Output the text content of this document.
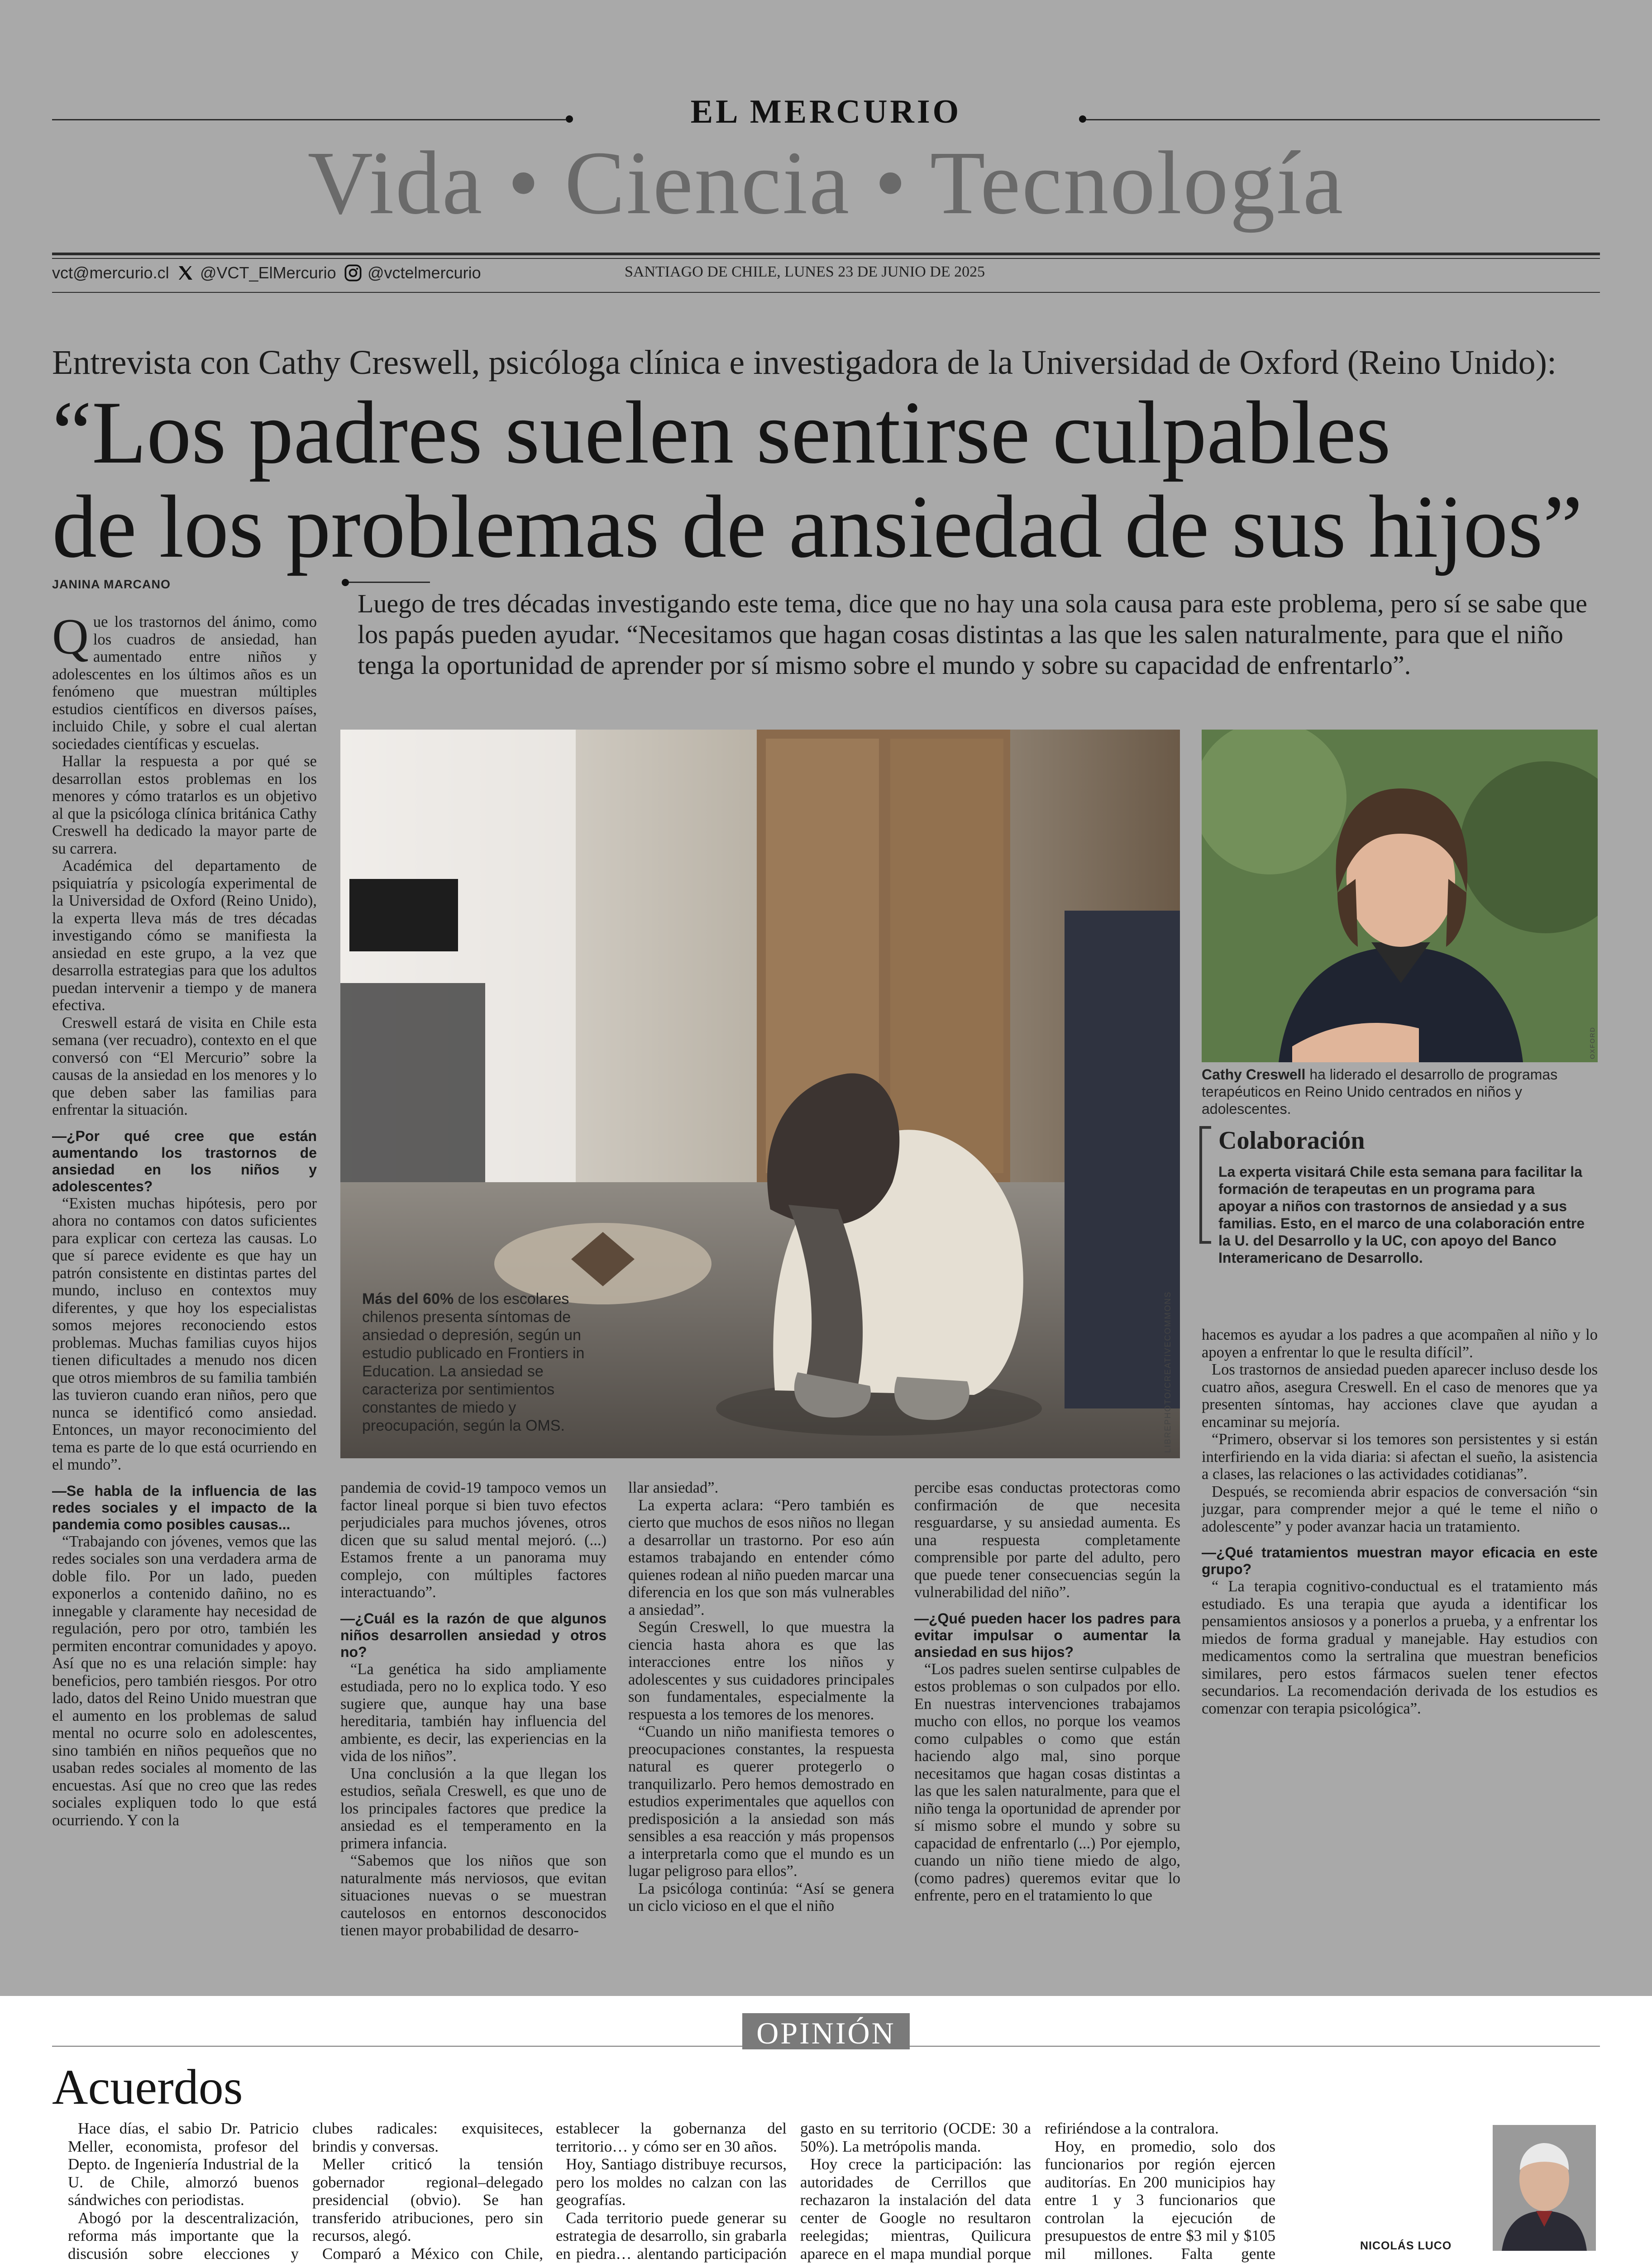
EL MERCURIO
Vida • Ciencia • Tecnología
vct@mercurio.cl @VCT_ElMercurio @vctelmercurio	SANTIAGO DE CHILE, LUNES 23 DE JUNIO DE 2025
Entrevista con Cathy Creswell, psicóloga clínica e investigadora de la Universidad de Oxford (Reino Unido):
“Los padres suelen sentirse culpables
de los problemas de ansiedad de sus hijos”
JANINA MARCANO

Luego de tres décadas investigando este tema, dice que no hay una sola causa para este problema, pero sí se sabe que los papás pueden ayudar. “Necesitamos que hagan cosas distintas a las que les salen naturalmente, para que el niño tenga la oportunidad de aprender por sí mismo sobre el mundo y sobre su capacidad de enfrentarlo”.

Que los trastornos del ánimo, como los cuadros de ansiedad, han aumentado entre niños y adolescentes en los últimos años es un fenómeno que muestran múltiples estudios científicos en diversos países, incluido Chile, y sobre el cual alertan sociedades científicas y escuelas.

Hallar la respuesta a por qué se desarrollan estos problemas en los menores y cómo tratarlos es un objetivo al que la psicóloga clínica británica Cathy Creswell ha dedicado la mayor parte de su carrera.

Académica del departamento de psiquiatría y psicología experimental de la Universidad de Oxford (Reino Unido), la experta lleva más de tres décadas investigando cómo se manifiesta la ansiedad en este grupo, a la vez que desarrolla estrategias para que los adultos puedan intervenir a tiempo y de manera efectiva.

Creswell estará de visita en Chile esta semana (ver recuadro), contexto en el que conversó con “El Mercurio” sobre la causas de la ansiedad en los menores y lo que deben saber las familias para enfrentar la situación.

—¿Por qué cree que están aumentando los trastornos de ansiedad en los niños y adolescentes?

“Existen muchas hipótesis, pero por ahora no contamos con datos suficientes para explicar con certeza las causas. Lo que sí parece evidente es que hay un patrón consistente en distintas partes del mundo, incluso en contextos muy diferentes, y que hoy los especialistas somos mejores reconociendo estos problemas. Muchas familias cuyos hijos tienen dificultades a menudo nos dicen que otros miembros de su familia también las tuvieron cuando eran niños, pero que nunca se identificó como ansiedad. Entonces, un mayor reconocimiento del tema es parte de lo que está ocurriendo en el mundo”.

—Se habla de la influencia de las redes sociales y el impacto de la pandemia como posibles causas...

“Trabajando con jóvenes, vemos que las redes sociales son una verdadera arma de doble filo. Por un lado, pueden exponerlos a contenido dañino, no es innegable y claramente hay necesidad de regulación, pero por otro, también les permiten encontrar comunidades y apoyo. Así que no es una relación simple: hay beneficios, pero también riesgos. Por otro lado, datos del Reino Unido muestran que el aumento en los problemas de salud mental no ocurre solo en adolescentes, sino también en niños pequeños que no usaban redes sociales al momento de las encuestas. Así que no creo que las redes sociales expliquen todo lo que está ocurriendo. Y con la

Más del 60% de los escolares chilenos presenta síntomas de ansiedad o depresión, según un estudio publicado en Frontiers in Education. La ansiedad se caracteriza por sentimientos constantes de miedo y preocupación, según la OMS.	LIBREPHOTO/CREATIVECOMMONS
OXFORD
Cathy Creswell ha liderado el desarrollo de programas terapéuticos en Reino Unido centrados en niños y adolescentes.
Colaboración
La experta visitará Chile esta semana para facilitar la formación de terapeutas en un programa para apoyar a niños con trastornos de ansiedad y a sus familias. Esto, en el marco de una colaboración entre la U. del Desarrollo y la UC, con apoyo del Banco Interamericano de Desarrollo.

pandemia de covid-19 tampoco vemos un factor lineal porque si bien tuvo efectos perjudiciales para muchos jóvenes, otros dicen que su salud mental mejoró. (...) Estamos frente a un panorama muy complejo, con múltiples factores interactuando”.

—¿Cuál es la razón de que algunos niños desarrollen ansiedad y otros no?

“La genética ha sido ampliamente estudiada, pero no lo explica todo. Y eso sugiere que, aunque hay una base hereditaria, también hay influencia del ambiente, es decir, las experiencias en la vida de los niños”.

Una conclusión a la que llegan los estudios, señala Creswell, es que uno de los principales factores que predice la ansiedad es el temperamento en la primera infancia.

“Sabemos que los niños que son naturalmente más nerviosos, que evitan situaciones nuevas o se muestran cautelosos en entornos desconocidos tienen mayor probabilidad de desarro-

llar ansiedad”.

La experta aclara: “Pero también es cierto que muchos de esos niños no llegan a desarrollar un trastorno. Por eso aún estamos trabajando en entender cómo quienes rodean al niño pueden marcar una diferencia en los que son más vulnerables a ansiedad”.

Según Creswell, lo que muestra la ciencia hasta ahora es que las interacciones entre los niños y adolescentes y sus cuidadores principales son fundamentales, especialmente la respuesta a los temores de los menores.

“Cuando un niño manifiesta temores o preocupaciones constantes, la respuesta natural es querer protegerlo o tranquilizarlo. Pero hemos demostrado en estudios experimentales que aquellos con predisposición a la ansiedad son más sensibles a esa reacción y más propensos a interpretarla como que el mundo es un lugar peligroso para ellos”.

La psicóloga continúa: “Así se genera un ciclo vicioso en el que el niño

percibe esas conductas protectoras como confirmación de que necesita resguardarse, y su ansiedad aumenta. Es una respuesta completamente comprensible por parte del adulto, pero que puede tener consecuencias según la vulnerabilidad del niño”.

—¿Qué pueden hacer los padres para evitar impulsar o aumentar la ansiedad en sus hijos?

“Los padres suelen sentirse culpables de estos problemas o son culpados por ello. En nuestras intervenciones trabajamos mucho con ellos, no porque los veamos como culpables o como que están haciendo algo mal, sino porque necesitamos que hagan cosas distintas a las que les salen naturalmente, para que el niño tenga la oportunidad de aprender por sí mismo sobre el mundo y sobre su capacidad de enfrentarlo (...) Por ejemplo, cuando un niño tiene miedo de algo, (como padres) queremos evitar que lo enfrente, pero en el tratamiento lo que

hacemos es ayudar a los padres a que acompañen al niño y lo apoyen a enfrentar lo que le resulta difícil”.

Los trastornos de ansiedad pueden aparecer incluso desde los cuatro años, asegura Creswell. En el caso de menores que ya presenten síntomas, hay acciones clave que ayudan a encaminar su mejoría.

“Primero, observar si los temores son persistentes y si están interfiriendo en la vida diaria: si afectan el sueño, la asistencia a clases, las relaciones o las actividades cotidianas”.

Después, se recomienda abrir espacios de conversación “sin juzgar, para comprender mejor a qué le teme el niño o adolescente” y poder avanzar hacia un tratamiento.

—¿Qué tratamientos muestran mayor eficacia en este grupo?

“ La terapia cognitivo-conductual es el tratamiento más estudiado. Es una terapia que ayuda a identificar los pensamientos ansiosos y a ponerlos a prueba, y a enfrentar los miedos de forma gradual y manejable. Hay estudios con medicamentos como la sertralina que muestran beneficios similares, pero estos fármacos suelen tener efectos secundarios. La recomendación derivada de los estudios es comenzar con terapia psicológica”.

OPINIÓN
Acuerdos

Hace días, el sabio Dr. Patricio Meller, economista, profesor del Depto. de Ingeniería Industrial de la U. de Chile, almorzó buenos sándwiches con periodistas.

Abogó por la descentralización, reforma más importante que la discusión sobre elecciones y

clubes radicales: exquisiteces, brindis y conversas.

Meller criticó la tensión gobernador regional–delegado presidencial (obvio). Se han transferido atribuciones, pero sin recursos, alegó.

Comparó a México con Chile,

establecer la gobernanza del territorio… y cómo ser en 30 años.

Hoy, Santiago distribuye recursos, pero los moldes no calzan con las geografías.

Cada territorio puede generar su estrategia de desarrollo, sin grabarla en piedra… alentando participación

gasto en su territorio (OCDE: 30 a 50%). La metrópolis manda.

Hoy crece la participación: las autoridades de Cerrillos que rechazaron la instalación del data center de Google no resultaron reelegidas; mientras, Quilicura aparece en el mapa mundial porque

refiriéndose a la contralora.

Hoy, en promedio, solo dos funcionarios por región ejercen auditorías. En 200 municipios hay entre 1 y 3 funcionarios que controlan la ejecución de presupuestos de entre $3 mil y $105 mil millones. Falta gente	NICOLÁS LUCO
